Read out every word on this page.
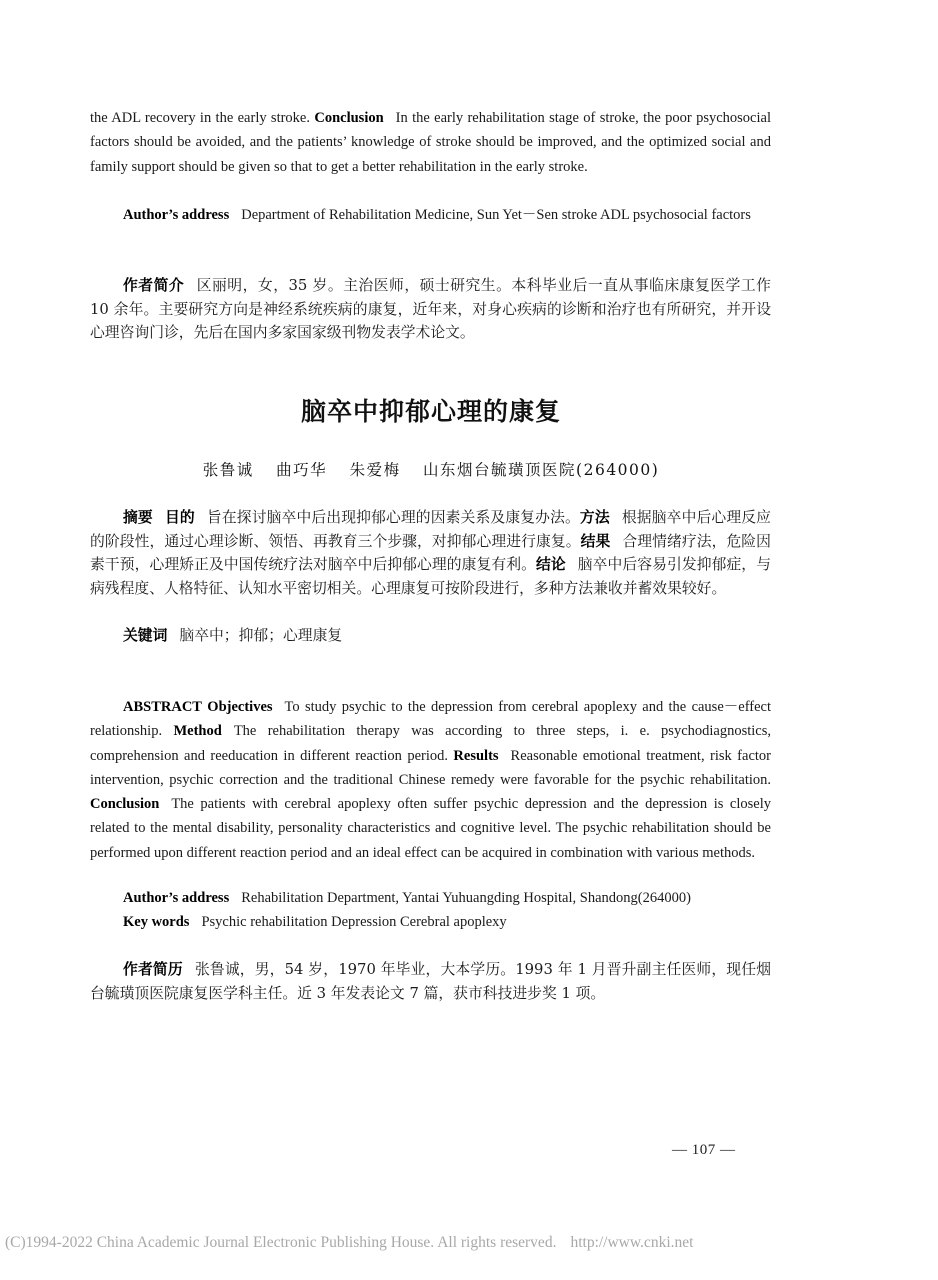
the ADL recovery in the early stroke. Conclusion In the early rehabilitation stage of stroke, the poor psychosocial factors should be avoided, and the patients’ knowledge of stroke should be improved, and the optimized social and family support should be given so that to get a better rehabilitation in the early stroke.
Author’s address Department of Rehabilitation Medicine, Sun Yet－Sen stroke ADL psychosocial factors
作者简介 区丽明，女，35 岁。主治医师，硕士研究生。本科毕业后一直从事临床康复医学工作 10 余年。主要研究方向是神经系统疾病的康复，近年来，对身心疾病的诊断和治疗也有所研究，并开设心理咨询门诊，先后在国内多家国家级刊物发表学术论文。
脑卒中抑郁心理的康复
张鲁诚 曲巧华 朱爱梅 山东烟台毓璜顶医院(264000)
摘要 目的 旨在探讨脑卒中后出现抑郁心理的因素关系及康复办法。方法 根据脑卒中后心理反应的阶段性，通过心理诊断、领悟、再教育三个步骤，对抑郁心理进行康复。结果 合理情绪疗法，危险因素干预，心理矫正及中国传统疗法对脑卒中后抑郁心理的康复有利。结论 脑卒中后容易引发抑郁症，与病残程度、人格特征、认知水平密切相关。心理康复可按阶段进行，多种方法兼收并蓄效果较好。
关键词 脑卒中；抑郁；心理康复
ABSTRACT Objectives To study psychic to the depression from cerebral apoplexy and the cause－effect relationship. Method The rehabilitation therapy was according to three steps, i. e. psychodiagnostics, comprehension and reeducation in different reaction period. Results Reasonable emotional treatment, risk factor intervention, psychic correction and the traditional Chinese remedy were favorable for the psychic rehabilitation. Conclusion The patients with cerebral apoplexy often suffer psychic depression and the depression is closely related to the mental disability, personality characteristics and cognitive level. The psychic rehabilitation should be performed upon different reaction period and an ideal effect can be acquired in combination with various methods.
Author’s address Rehabilitation Department, Yantai Yuhuangding Hospital, Shandong(264000)
Key words Psychic rehabilitation Depression Cerebral apoplexy
作者简历 张鲁诚，男，54 岁，1970 年毕业，大本学历。1993 年 1 月晋升副主任医师，现任烟台毓璜顶医院康复医学科主任。近 3 年发表论文 7 篇，获市科技进步奖 1 项。
— 107 —
(C)1994-2022 China Academic Journal Electronic Publishing House. All rights reserved. http://www.cnki.net
